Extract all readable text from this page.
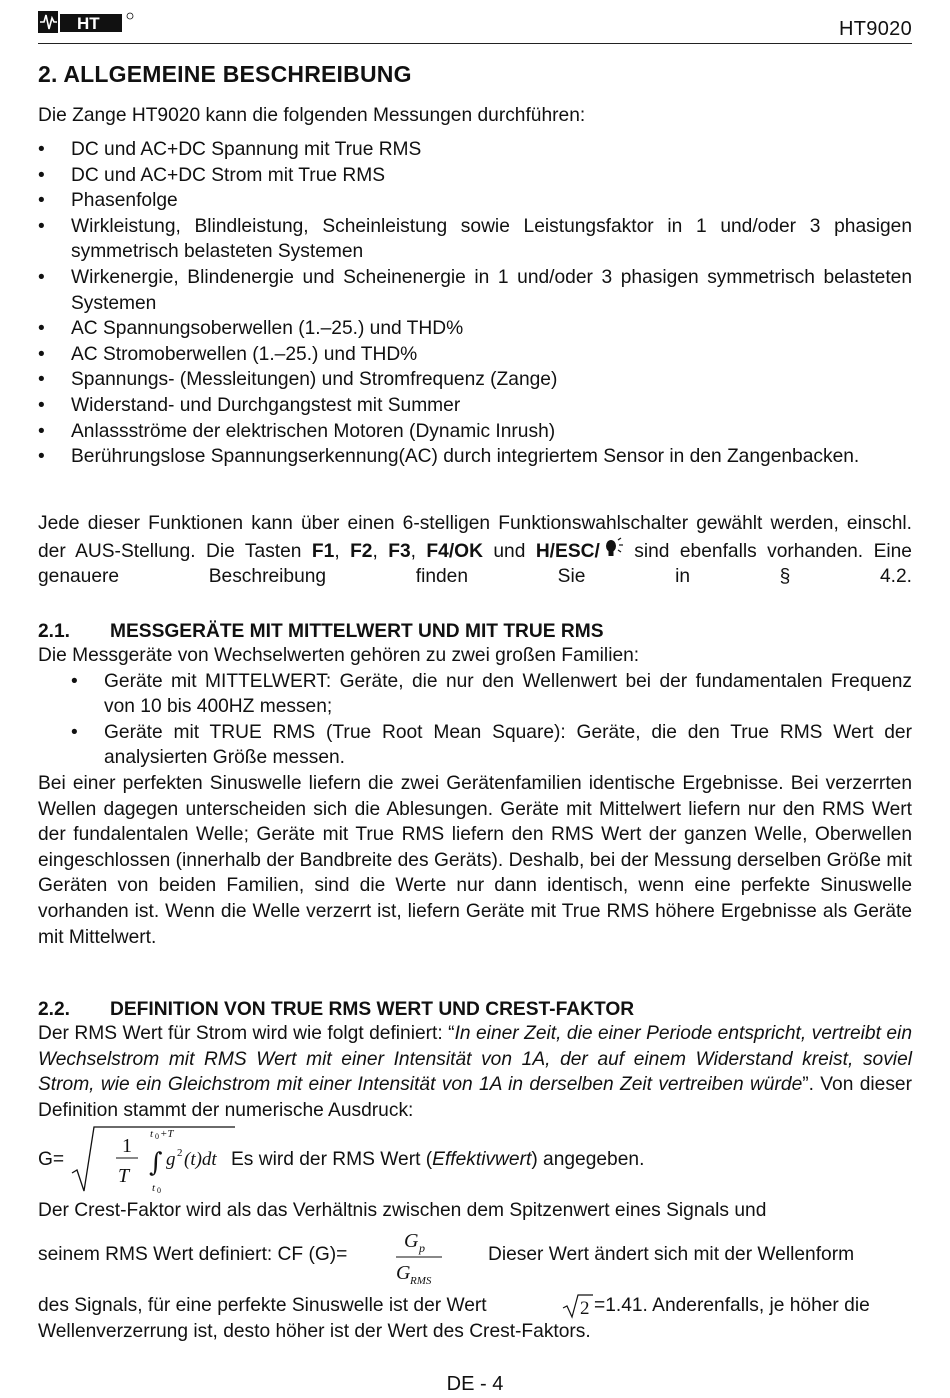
HT	HT9020
2. ALLGEMEINE BESCHREIBUNG

Die Zange HT9020 kann die folgenden Messungen durchführen:

• DC und AC+DC Spannung mit True RMS
• DC und AC+DC Strom mit True RMS
• Phasenfolge
• Wirkleistung, Blindleistung, Scheinleistung sowie Leistungsfaktor in 1 und/oder 3 phasigen symmetrisch belasteten Systemen
• Wirkenergie, Blindenergie und Scheinenergie in 1 und/oder 3 phasigen symmetrisch belasteten Systemen
• AC Spannungsoberwellen (1.–25.) und THD%
• AC Stromoberwellen (1.–25.) und THD%
• Spannungs- (Messleitungen) und Stromfrequenz (Zange)
• Widerstand- und Durchgangstest mit Summer
• Anlassströme der elektrischen Motoren (Dynamic Inrush)
• Berührungslose Spannungserkennung(AC) durch integriertem Sensor in den Zangenbacken.

Jede dieser Funktionen kann über einen 6-stelligen Funktionswahlschalter gewählt werden, einschl. der AUS-Stellung. Die Tasten F1, F2, F3, F4/OK und H/ESC/ sind ebenfalls vorhanden. Eine genauere Beschreibung finden Sie in § 4.2.

2.1. MESSGERÄTE MIT MITTELWERT UND MIT TRUE RMS

Die Messgeräte von Wechselwerten gehören zu zwei großen Familien:

• Geräte mit MITTELWERT: Geräte, die nur den Wellenwert bei der fundamentalen Frequenz von 10 bis 400HZ messen;
• Geräte mit TRUE RMS (True Root Mean Square): Geräte, die den True RMS Wert der analysierten Größe messen.

Bei einer perfekten Sinuswelle liefern die zwei Gerätenfamilien identische Ergebnisse. Bei verzerrten Wellen dagegen unterscheiden sich die Ablesungen. Geräte mit Mittelwert liefern nur den RMS Wert der fundalentalen Welle; Geräte mit True RMS liefern den RMS Wert der ganzen Welle, Oberwellen eingeschlossen (innerhalb der Bandbreite des Geräts). Deshalb, bei der Messung derselben Größe mit Geräten von beiden Familien, sind die Werte nur dann identisch, wenn eine perfekte Sinuswelle vorhanden ist. Wenn die Welle verzerrt ist, liefern Geräte mit True RMS höhere Ergebnisse als Geräte mit Mittelwert.

2.2. DEFINITION VON TRUE RMS WERT UND CREST-FAKTOR

Der RMS Wert für Strom wird wie folgt definiert: “In einer Zeit, die einer Periode entspricht, vertreibt ein Wechselstrom mit RMS Wert mit einer Intensität von 1A, der auf einem Widerstand kreist, soviel Strom, wie ein Gleichstrom mit einer Intensität von 1A in derselben Zeit vertreiben würde”. Von dieser Definition stammt der numerische Ausdruck:

G=
1
T
t 0 +T
∫
t 0
g 2 (t)dt Es wird der RMS Wert (Effektivwert) angegeben.

Der Crest-Faktor wird als das Verhältnis zwischen dem Spitzenwert eines Signals und

seinem RMS Wert definiert: CF (G)=
G p
G RMS
Dieser Wert ändert sich mit der Wellenform
des Signals, für eine perfekte Sinuswelle ist der Wert	2 =1.41. Anderenfalls, je höher die

Wellenverzerrung ist, desto höher ist der Wert des Crest-Faktors.

DE - 4
